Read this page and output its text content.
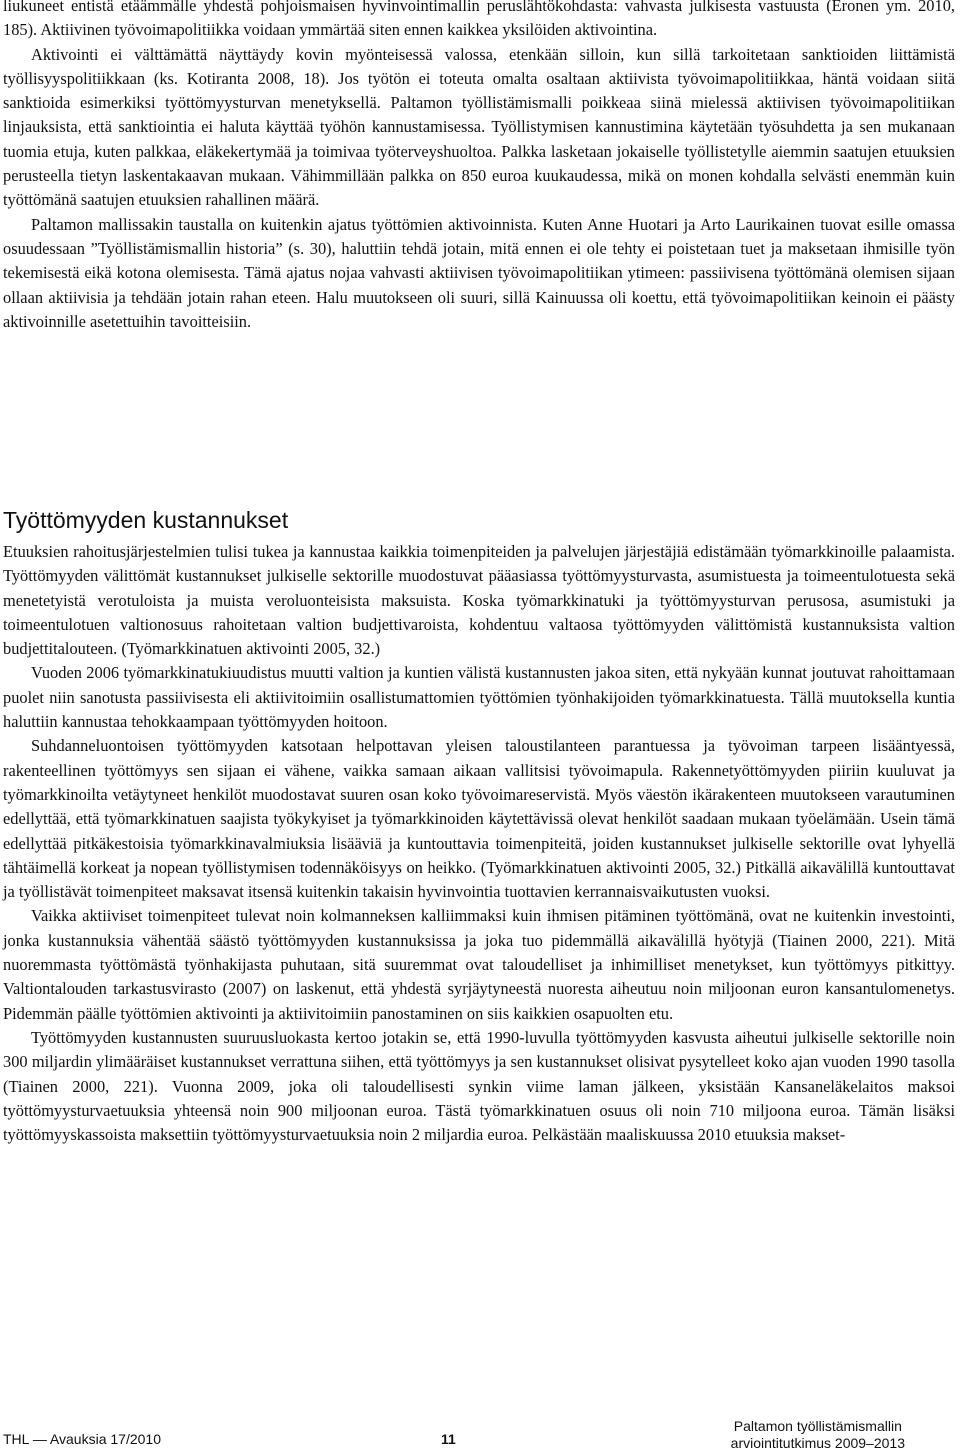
liukuneet entistä etäämmälle yhdestä pohjoismaisen hyvinvointimallin peruslähtökohdasta: vahvasta julkisesta vastuusta (Eronen ym. 2010, 185). Aktiivinen työvoimapolitiikka voidaan ymmärtää siten ennen kaikkea yksilöiden aktivointina.

Aktivointi ei välttämättä näyttäydy kovin myönteisessä valossa, etenkään silloin, kun sillä tarkoitetaan sanktioiden liittämistä työllisyyspolitiikkaan (ks. Kotiranta 2008, 18). Jos työtön ei toteuta omalta osaltaan aktiivista työvoimapolitiikkaa, häntä voidaan siitä sanktioida esimerkiksi työttömyysturvan menetyksellä. Paltamon työllistämismalli poikkeaa siinä mielessä aktiivisen työvoimapolitiikan linjauksista, että sanktiointia ei haluta käyttää työhön kannustamisessa. Työllistymisen kannustimina käytetään työsuhdetta ja sen mukanaan tuomia etuja, kuten palkkaa, eläkekertymää ja toimivaa työterveyshuoltoa. Palkka lasketaan jokaiselle työllistetylle aiemmin saatujen etuuksien perusteella tietyn laskentakaavan mukaan. Vähimmillään palkka on 850 euroa kuukaudessa, mikä on monen kohdalla selvästi enemmän kuin työttömänä saatujen etuuksien rahallinen määrä.

Paltamon mallissakin taustalla on kuitenkin ajatus työttömien aktivoinnista. Kuten Anne Huotari ja Arto Laurikainen tuovat esille omassa osuudessaan ”Työllistämismallin historia” (s. 30), haluttiin tehdä jotain, mitä ennen ei ole tehty ei poistetaan tuet ja maksetaan ihmisille työn tekemisestä eikä kotona olemisesta. Tämä ajatus nojaa vahvasti aktiivisen työvoimapolitiikan ytimeen: passiivisena työttömänä olemisen sijaan ollaan aktiivisia ja tehdään jotain rahan eteen. Halu muutokseen oli suuri, sillä Kainuussa oli koettu, että työvoimapolitiikan keinoin ei päästy aktivoinnille asetettuihin tavoitteisiin.

Työttömyyden kustannukset

Etuuksien rahoitusjärjestelmien tulisi tukea ja kannustaa kaikkia toimenpiteiden ja palvelujen järjestäjiä edistämään työmarkkinoille palaamista. Työttömyyden välittömät kustannukset julkiselle sektorille muodostuvat pääasiassa työttömyysturvasta, asumistuesta ja toimeentulotuesta sekä menetetyistä verotuloista ja muista veroluonteisista maksuista. Koska työmarkkinatuki ja työttömyysturvan perusosa, asumistuki ja toimeentulotuen valtionosuus rahoitetaan valtion budjettivaroista, kohdentuu valtaosa työttömyyden välittömistä kustannuksista valtion budjettitalouteen. (Työmarkkinatuen aktivointi 2005, 32.)

Vuoden 2006 työmarkkinatukiuudistus muutti valtion ja kuntien välistä kustannusten jakoa siten, että nykyään kunnat joutuvat rahoittamaan puolet niin sanotusta passiivisesta eli aktiivitoimiin osallistumattomien työttömien työnhakijoiden työmarkkinatuesta. Tällä muutoksella kuntia haluttiin kannustaa tehokkaampaan työttömyyden hoitoon.

Suhdanneluontoisen työttömyyden katsotaan helpottavan yleisen taloustilanteen parantuessa ja työvoiman tarpeen lisääntyessä, rakenteellinen työttömyys sen sijaan ei vähene, vaikka samaan aikaan vallitsisi työvoimapula. Rakennetyöttömyyden piiriin kuuluvat ja työmarkkinoilta vetäytyneet henkilöt muodostavat suuren osan koko työvoimareservistä. Myös väestön ikärakenteen muutokseen varautuminen edellyttää, että työmarkkinatuen saajista työkykyiset ja työmarkkinoiden käytettävissä olevat henkilöt saadaan mukaan työelämään. Usein tämä edellyttää pitkäkestoisia työmarkkinavalmiuksia lisääviä ja kuntouttavia toimenpiteitä, joiden kustannukset julkiselle sektorille ovat lyhyellä tähtäimellä korkeat ja nopean työllistymisen todennäköisyys on heikko. (Työmarkkinatuen aktivointi 2005, 32.) Pitkällä aikavälillä kuntouttavat ja työllistävät toimenpiteet maksavat itsensä kuitenkin takaisin hyvinvointia tuottavien kerrannaisvaikutusten vuoksi.

Vaikka aktiiviset toimenpiteet tulevat noin kolmanneksen kalliimmaksi kuin ihmisen pitäminen työttömänä, ovat ne kuitenkin investointi, jonka kustannuksia vähentää säästö työttömyyden kustannuksissa ja joka tuo pidemmällä aikavälillä hyötyjä (Tiainen 2000, 221). Mitä nuoremmasta työttömästä työnhakijasta puhutaan, sitä suuremmat ovat taloudelliset ja inhimilliset menetykset, kun työttömyys pitkittyy. Valtiontalouden tarkastusvirasto (2007) on laskenut, että yhdestä syrjäytyneestä nuoresta aiheutuu noin miljoonan euron kansantulomenetys. Pidemmän päälle työttömien aktivointi ja aktiivitoimiin panostaminen on siis kaikkien osapuolten etu.

Työttömyyden kustannusten suuruusluokasta kertoo jotakin se, että 1990-luvulla työttömyyden kasvusta aiheutui julkiselle sektorille noin 300 miljardin ylimääräiset kustannukset verrattuna siihen, että työttömyys ja sen kustannukset olisivat pysytelleet koko ajan vuoden 1990 tasolla (Tiainen 2000, 221). Vuonna 2009, joka oli taloudellisesti synkin viime laman jälkeen, yksistään Kansaneläkelaitos maksoi työttömyysturvaetuuksia yhteensä noin 900 miljoonan euroa. Tästä työmarkkinatuen osuus oli noin 710 miljoona euroa. Tämän lisäksi työttömyyskassoista maksettiin työttömyysturvaetuuksia noin 2 miljardia euroa. Pelkästään maaliskuussa 2010 etuuksia makset-

THL — Avauksia 17/2010	11
Paltamon työllistämismallin
arviointitutkimus 2009–2013
